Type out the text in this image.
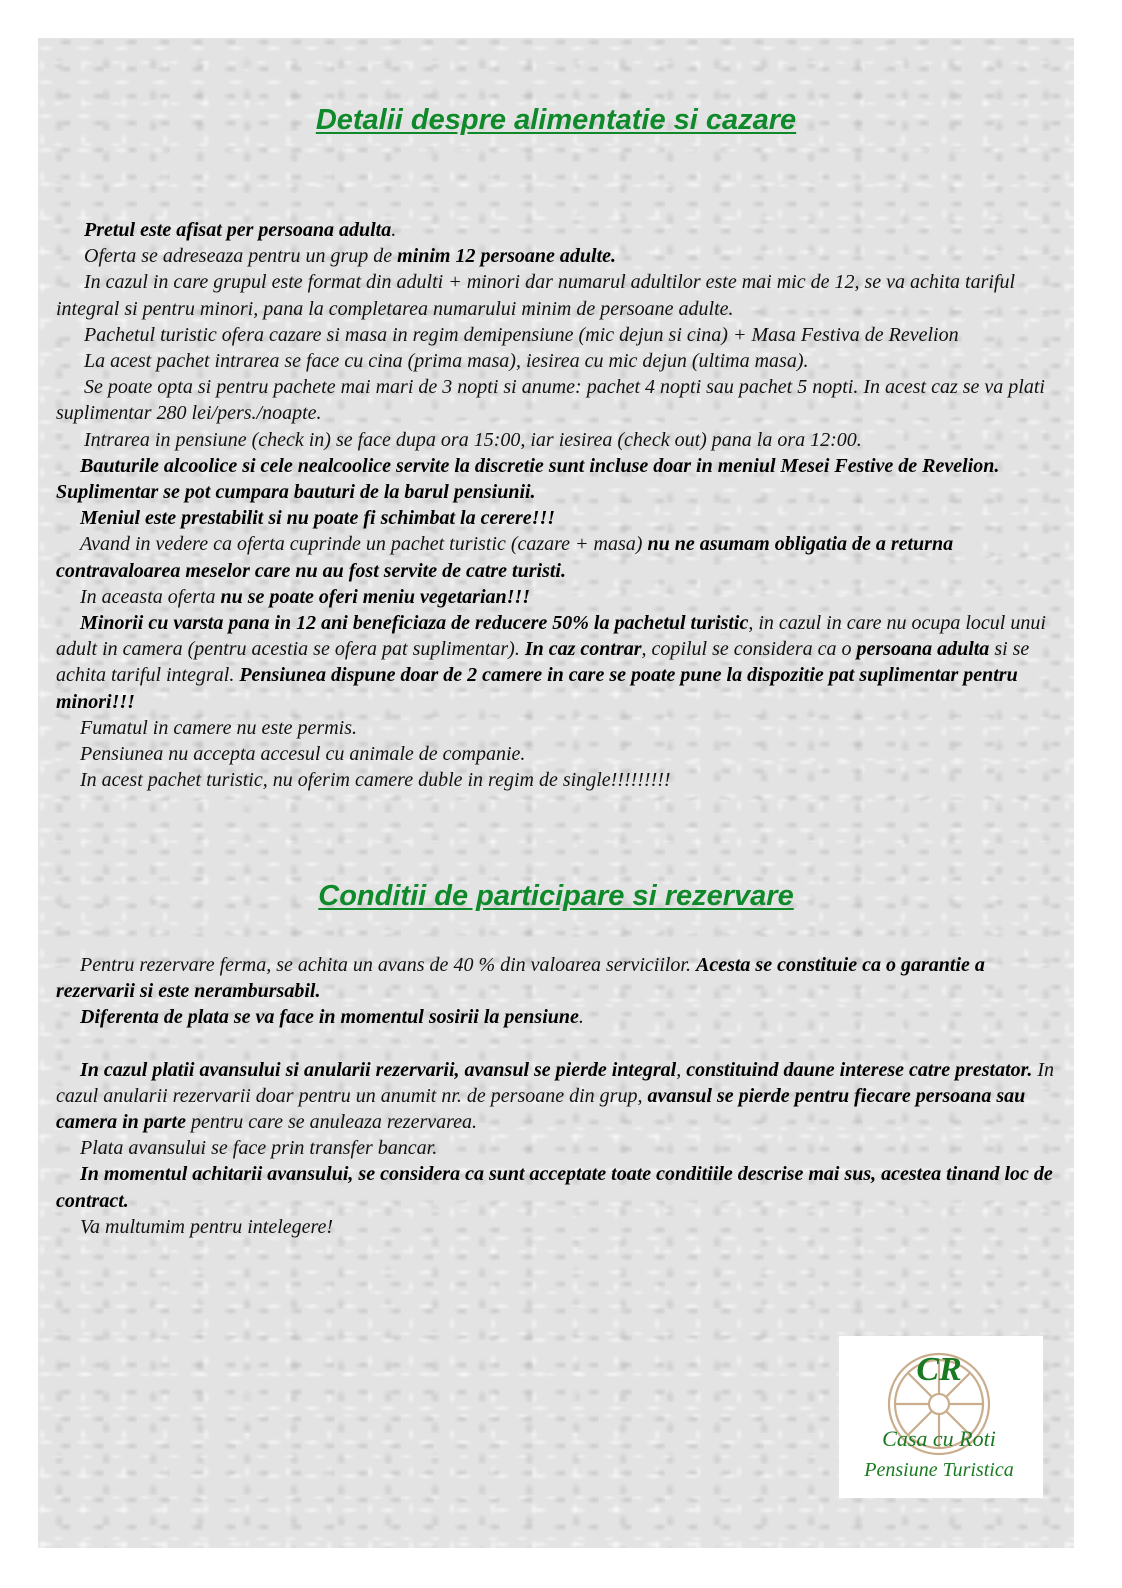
Detalii despre alimentatie si cazare

Pretul este afisat per persoana adulta.

Oferta se adreseaza pentru un grup de minim 12 persoane adulte.

In cazul in care grupul este format din adulti + minori dar numarul adultilor este mai mic de 12, se va achita tariful integral si pentru minori, pana la completarea numarului minim de persoane adulte.

Pachetul turistic ofera cazare si masa in regim demipensiune (mic dejun si cina) + Masa Festiva de Revelion

La acest pachet intrarea se face cu cina (prima masa), iesirea cu mic dejun (ultima masa).

Se poate opta si pentru pachete mai mari de 3 nopti si anume: pachet 4 nopti sau pachet 5 nopti. In acest caz se va plati suplimentar 280 lei/pers./noapte.

Intrarea in pensiune (check in) se face dupa ora 15:00, iar iesirea (check out) pana la ora 12:00.

Bauturile alcoolice si cele nealcoolice servite la discretie sunt incluse doar in meniul Mesei Festive de Revelion. Suplimentar se pot cumpara bauturi de la barul pensiunii.

Meniul este prestabilit si nu poate fi schimbat la cerere!!!

Avand in vedere ca oferta cuprinde un pachet turistic (cazare + masa) nu ne asumam obligatia de a returna contravaloarea meselor care nu au fost servite de catre turisti.

In aceasta oferta nu se poate oferi meniu vegetarian!!!

Minorii cu varsta pana in 12 ani beneficiaza de reducere 50% la pachetul turistic, in cazul in care nu ocupa locul unui adult in camera (pentru acestia se ofera pat suplimentar). In caz contrar, copilul se considera ca o persoana adulta si se achita tariful integral. Pensiunea dispune doar de 2 camere in care se poate pune la dispozitie pat suplimentar pentru minori!!!

Fumatul in camere nu este permis.

Pensiunea nu accepta accesul cu animale de companie.

In acest pachet turistic, nu oferim camere duble in regim de single!!!!!!!!!

Conditii de participare si rezervare

Pentru rezervare ferma, se achita un avans de 40 % din valoarea serviciilor. Acesta se constituie ca o garantie a rezervarii si este nerambursabil.

Diferenta de plata se va face in momentul sosirii la pensiune.

In cazul platii avansului si anularii rezervarii, avansul se pierde integral, constituind daune interese catre prestator. In cazul anularii rezervarii doar pentru un anumit nr. de persoane din grup, avansul se pierde pentru fiecare persoana sau camera in parte pentru care se anuleaza rezervarea.

Plata avansului se face prin transfer bancar.

In momentul achitarii avansului, se considera ca sunt acceptate toate conditiile descrise mai sus, acestea tinand loc de contract.

Va multumim pentru intelegere!

CR
Casa cu Roti
Pensiune Turistica
